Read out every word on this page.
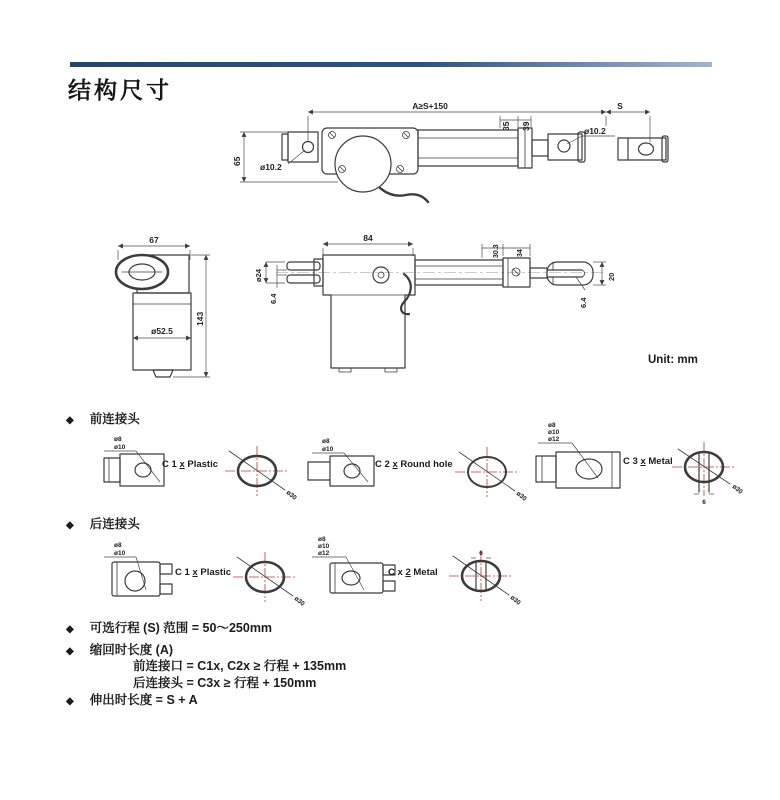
结构尺寸
A≥S+150	S
65
35 39
ø10.2
ø10.2
67
143
ø52.5
84
ø24
6.4
30.3 34
20
6.4
Unit: mm
◆ 前连接头
ø8
ø10
C 1 x Plastic
ø30
ø8
ø10
C 2 x Round hole
ø30
ø8
ø10
ø12
C 3 x Metal
6
ø30
◆ 后连接头
ø8
ø10
C 1 x Plastic
ø30
ø8
ø10
ø12
C x 2 Metal
6
ø30
◆ 可选行程 (S) 范围 = 50～250mm
◆ 缩回时长度 (A)
前连接口 = C1x, C2x ≥ 行程 + 135mm
后连接头 = C3x ≥ 行程 + 150mm
◆ 伸出时长度 = S + A
